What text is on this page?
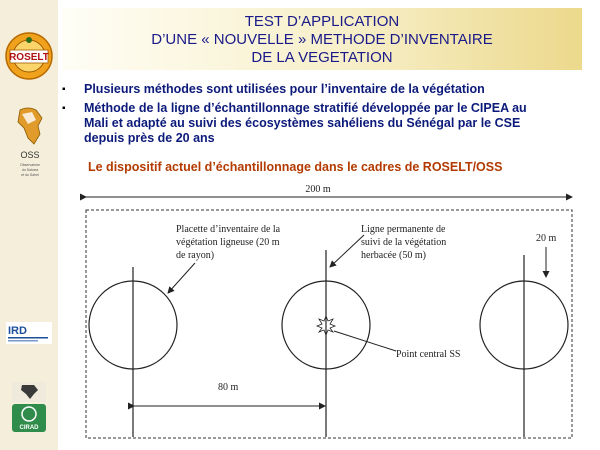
ROSELT
OSS
Observatoire
du Sahara
et du Sahel
IRD
CIRAD
TEST D’APPLICATION
D’UNE « NOUVELLE » METHODE D’INVENTAIRE
DE LA VEGETATION
▪ Plusieurs méthodes sont utilisées pour l’inventaire de la végétation
▪ Méthode de la ligne d’échantillonnage stratifié développée par le CIPEA au
Mali et adapté au suivi des écosystèmes sahéliens du Sénégal par le CSE
depuis près de 20 ans
Le dispositif actuel d’échantillonnage dans le cadres de ROSELT/OSS
200 m
Placette d’inventaire de la
végétation ligneuse (20 m
de rayon)
Ligne permanente de
suivi de la végétation
herbacée (50 m)
20 m
Point central SS
80 m
